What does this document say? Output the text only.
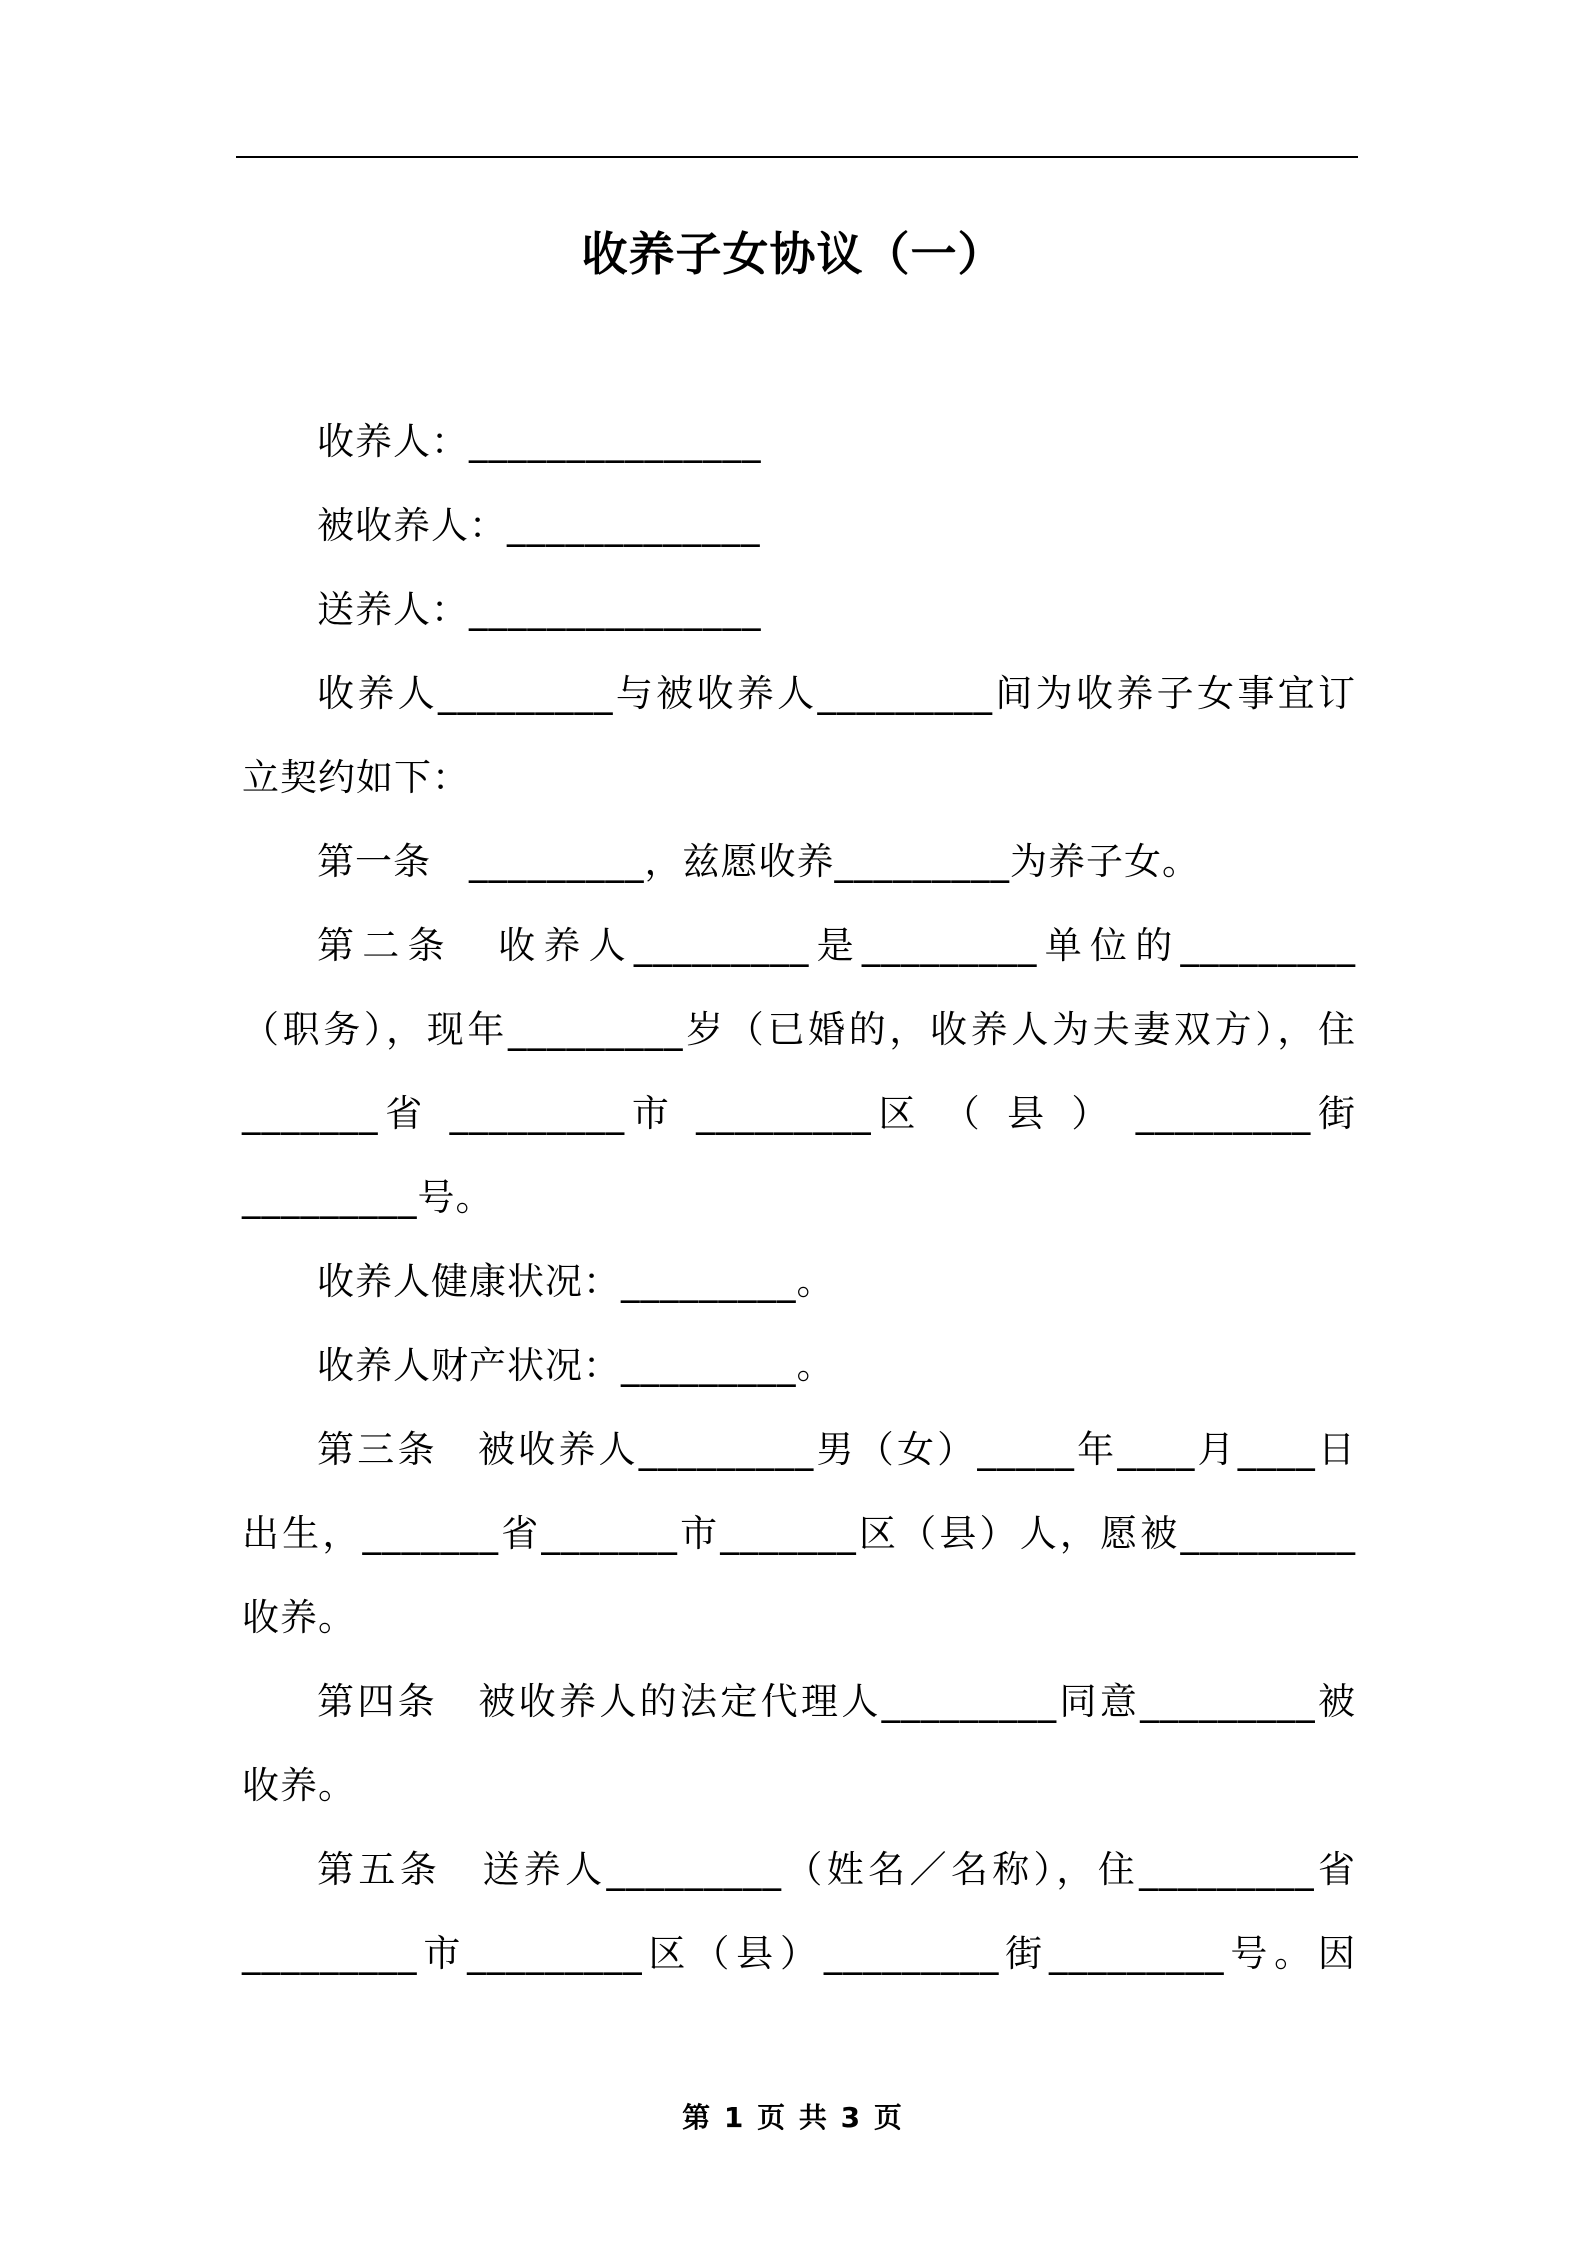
收养子女协议（一）
收养人：_______________
被收养人：_____________
送养人：_______________
收养人_________与被收养人_________间为收养子女事宜订
立契约如下：
第一条　_________，兹愿收养_________为养子女。
第二条　收养人_________是_________单位的_________
（职务），现年_________岁（已婚的，收养人为夫妻双方），住
_______省 _________市 _________区 （ 县 ） _________街
_________号。
收养人健康状况：_________。
收养人财产状况：_________。
第三条　被收养人_________男（女）_____年____月____日
出生，_______省_______市_______区（县）人，愿被_________
收养。
第四条　被收养人的法定代理人_________同意_________被
收养。
第五条　送养人_________（姓名／名称），住_________省
_________市_________区（县）_________街_________号。因
第 1 页 共 3 页
